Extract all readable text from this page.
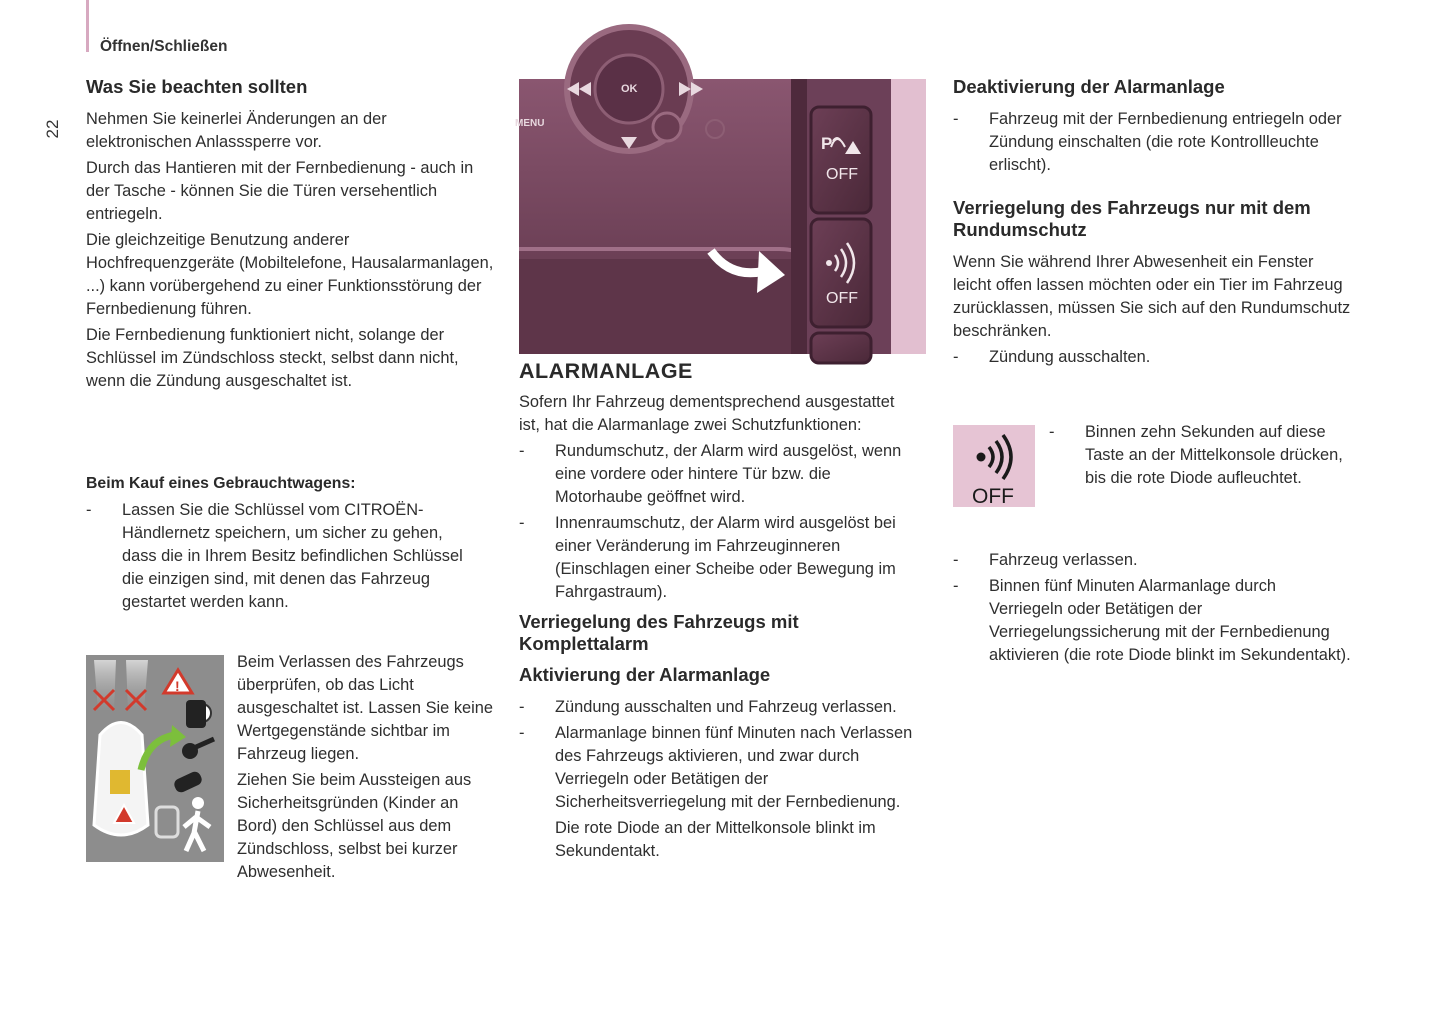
Öffnen/Schließen
22
Was Sie beachten sollten

Nehmen Sie keinerlei Änderungen an der elektronischen Anlasssperre vor.

Durch das Hantieren mit der Fernbedienung - auch in der Tasche - können Sie die Türen versehentlich entriegeln.

Die gleichzeitige Benutzung anderer Hochfrequenzgeräte (Mobiltelefone, Hausalarmanlagen, ...) kann vorübergehend zu einer Funktionsstörung der Fernbedienung führen.

Die Fernbedienung funktioniert nicht, solange der Schlüssel im Zündschloss steckt, selbst dann nicht, wenn die Zündung ausgeschaltet ist.

Beim Kauf eines Gebrauchtwagens:
- Lassen Sie die Schlüssel vom CITROËN-Händlernetz speichern, um sicher zu gehen, dass die in Ihrem Besitz befindlichen Schlüssel die einzigen sind, mit denen das Fahrzeug gestartet werden kann.
!

Beim Verlassen des Fahrzeugs überprüfen, ob das Licht ausgeschaltet ist. Lassen Sie keine Wertgegenstände sichtbar im Fahrzeug liegen.

Ziehen Sie beim Aussteigen aus Sicherheitsgründen (Kinder an Bord) den Schlüssel aus dem Zündschloss, selbst bei kurzer Abwesenheit.

OK
MENU
P
OFF
OFF
ALARMANLAGE

Sofern Ihr Fahrzeug dementsprechend ausgestattet ist, hat die Alarmanlage zwei Schutzfunktionen:

- Rundumschutz, der Alarm wird ausgelöst, wenn eine vordere oder hintere Tür bzw. die Motorhaube geöffnet wird.
- Innenraumschutz, der Alarm wird ausgelöst bei einer Veränderung im Fahrzeuginneren (Einschlagen einer Scheibe oder Bewegung im Fahrgastraum).
Verriegelung des Fahrzeugs mit Komplettalarm
Aktivierung der Alarmanlage
- Zündung ausschalten und Fahrzeug verlassen.
- Alarmanlage binnen fünf Minuten nach Verlassen des Fahrzeugs aktivieren, und zwar durch Verriegeln oder Betätigen der Sicherheitsverriegelung mit der Fernbedienung.
Die rote Diode an der Mittelkonsole blinkt im Sekundentakt.
Deaktivierung der Alarmanlage
- Fahrzeug mit der Fernbedienung entriegeln oder Zündung einschalten (die rote Kontrollleuchte erlischt).
Verriegelung des Fahrzeugs nur mit dem Rundumschutz

Wenn Sie während Ihrer Abwesenheit ein Fenster leicht offen lassen möchten oder ein Tier im Fahrzeug zurücklassen, müssen Sie sich auf den Rundumschutz beschränken.

- Zündung ausschalten.
OFF
- Binnen zehn Sekunden auf diese Taste an der Mittelkonsole drücken, bis die rote Diode aufleuchtet.
- Fahrzeug verlassen.
- Binnen fünf Minuten Alarmanlage durch Verriegeln oder Betätigen der Verriegelungssicherung mit der Fernbedienung aktivieren (die rote Diode blinkt im Sekundentakt).
